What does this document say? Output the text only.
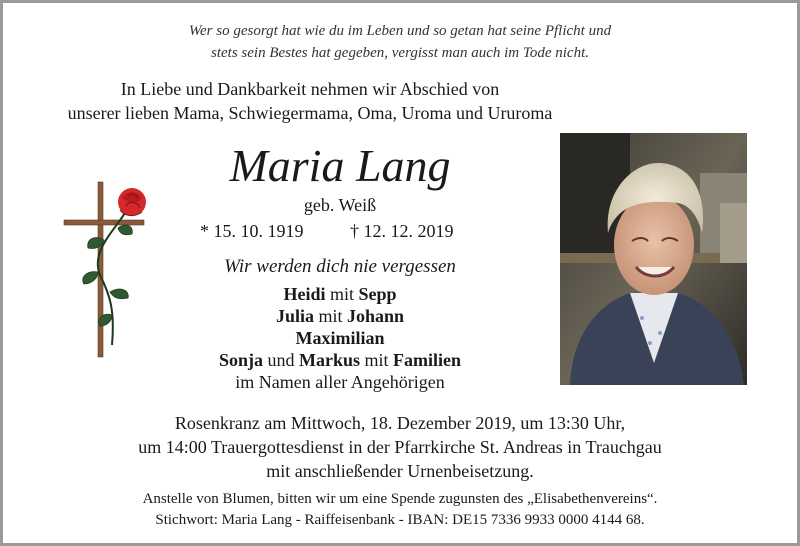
Wer so gesorgt hat wie du im Leben und so getan hat seine Pflicht und
stets sein Bestes hat gegeben, vergisst man auch im Tode nicht.
In Liebe und Dankbarkeit nehmen wir Abschied von
unserer lieben Mama, Schwiegermama, Oma, Uroma und Ururoma
Maria Lang
geb. Weiß
* 15. 10. 1919	† 12. 12. 2019
Wir werden dich nie vergessen
Heidi mit Sepp
Julia mit Johann
Maximilian
Sonja und Markus mit Familien
im Namen aller Angehörigen
Rosenkranz am Mittwoch, 18. Dezember 2019, um 13:30 Uhr,
um 14:00 Trauergottesdienst in der Pfarrkirche St. Andreas in Trauchgau
mit anschließender Urnenbeisetzung.
Anstelle von Blumen, bitten wir um eine Spende zugunsten des „Elisabethenvereins“.
Stichwort: Maria Lang - Raiffeisenbank - IBAN: DE15 7336 9933 0000 4144 68.
